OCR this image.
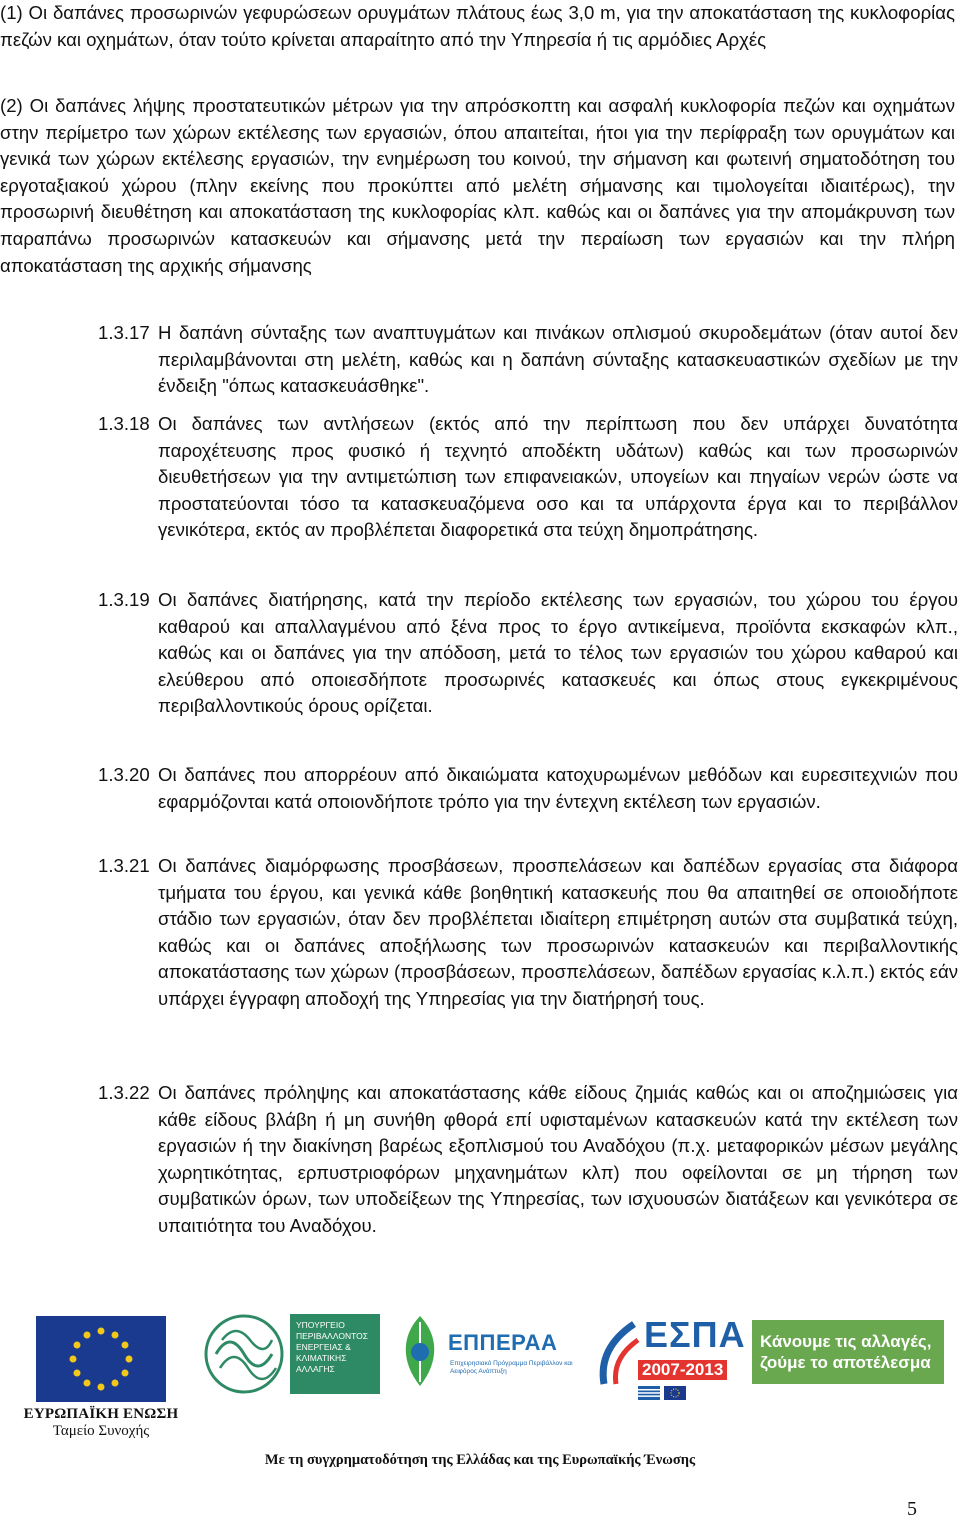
(1) Οι δαπάνες προσωρινών γεφυρώσεων ορυγμάτων πλάτους έως 3,0 m, για την αποκατάσταση της κυκλοφορίας πεζών και οχημάτων, όταν τούτο κρίνεται απαραίτητο από την Υπηρεσία ή τις αρμόδιες Αρχές
(2) Οι δαπάνες λήψης προστατευτικών μέτρων για την απρόσκοπτη και ασφαλή κυκλοφορία πεζών και οχημάτων στην περίμετρο των χώρων εκτέλεσης των εργασιών, όπου απαιτείται, ήτοι για την περίφραξη των ορυγμάτων και γενικά των χώρων εκτέλεσης εργασιών, την ενημέρωση του κοινού, την σήμανση και φωτεινή σηματοδότηση του εργοταξιακού χώρου (πλην εκείνης που προκύπτει από μελέτη σήμανσης και τιμολογείται ιδιαιτέρως), την προσωρινή διευθέτηση και αποκατάσταση της κυκλοφορίας κλπ. καθώς και οι δαπάνες για την απομάκρυνση των παραπάνω προσωρινών κατασκευών και σήμανσης μετά την περαίωση των εργασιών και την πλήρη αποκατάσταση της αρχικής σήμανσης
1.3.17 Η δαπάνη σύνταξης των αναπτυγμάτων και πινάκων οπλισμού σκυροδεμάτων (όταν αυτοί δεν περιλαμβάνονται στη μελέτη, καθώς και η δαπάνη σύνταξης κατασκευαστικών σχεδίων με την ένδειξη "όπως κατασκευάσθηκε".
1.3.18 Οι δαπάνες των αντλήσεων (εκτός από την περίπτωση που δεν υπάρχει δυνατότητα παροχέτευσης προς φυσικό ή τεχνητό αποδέκτη υδάτων) καθώς και των προσωρινών διευθετήσεων για την αντιμετώπιση των επιφανειακών, υπογείων και πηγαίων νερών ώστε να προστατεύονται τόσο τα κατασκευαζόμενα οσο και τα υπάρχοντα έργα και το περιβάλλον γενικότερα, εκτός αν προβλέπεται διαφορετικά στα τεύχη δημοπράτησης.
1.3.19 Οι δαπάνες διατήρησης, κατά την περίοδο εκτέλεσης των εργασιών, του χώρου του έργου καθαρού και απαλλαγμένου από ξένα προς το έργο αντικείμενα, προϊόντα εκσκαφών κλπ., καθώς και οι δαπάνες για την απόδοση, μετά το τέλος των εργασιών του χώρου καθαρού και ελεύθερου από οποιεσδήποτε προσωρινές κατασκευές και όπως στους εγκεκριμένους περιβαλλοντικούς όρους ορίζεται.
1.3.20 Οι δαπάνες που απορρέουν από δικαιώματα κατοχυρωμένων μεθόδων και ευρεσιτεχνιών που εφαρμόζονται κατά οποιονδήποτε τρόπο για την έντεχνη εκτέλεση των εργασιών.
1.3.21 Οι δαπάνες διαμόρφωσης προσβάσεων, προσπελάσεων και δαπέδων εργασίας στα διάφορα τμήματα του έργου, και γενικά κάθε βοηθητική κατασκευής που θα απαιτηθεί σε οποιοδήποτε στάδιο των εργασιών, όταν δεν προβλέπεται ιδιαίτερη επιμέτρηση αυτών στα συμβατικά τεύχη, καθώς και οι δαπάνες αποξήλωσης των προσωρινών κατασκευών και περιβαλλοντικής αποκατάστασης των χώρων (προσβάσεων, προσπελάσεων, δαπέδων εργασίας κ.λ.π.) εκτός εάν υπάρχει έγγραφη αποδοχή της Υπηρεσίας για την διατήρησή τους.
1.3.22 Οι δαπάνες πρόληψης και αποκατάστασης κάθε είδους ζημιάς καθώς και οι αποζημιώσεις για κάθε είδους βλάβη ή μη συνήθη φθορά επί υφισταμένων κατασκευών κατά την εκτέλεση των εργασιών ή την διακίνηση βαρέως εξοπλισμού του Αναδόχου (π.χ. μεταφορικών μέσων μεγάλης χωρητικότητας, ερπυστριοφόρων μηχανημάτων κλπ) που οφείλονται σε μη τήρηση των συμβατικών όρων, των υποδείξεων της Υπηρεσίας, των ισχυουσών διατάξεων και γενικότερα σε υπαιτιότητα του Αναδόχου.
ΕΥΡΩΠΑΪΚΗ ΕΝΩΣΗ
Ταμείο Συνοχής
ΥΠΟΥΡΓΕΙΟ ΠΕΡΙΒΑΛΛΟΝΤΟΣ ΕΝΕΡΓΕΙΑΣ & ΚΛΙΜΑΤΙΚΗΣ ΑΛΛΑΓΗΣ
ΕΠΠΕΡΑΑ
Επιχειρησιακό Πρόγραμμα Περιβάλλον και Αειφόρος Ανάπτυξη
ΕΣΠΑ
2007-2013
Κάνουμε τις αλλαγές, ζούμε το αποτέλεσμα
Με τη συγχρηματοδότηση της Ελλάδας και της Ευρωπαϊκής Ένωσης
5
